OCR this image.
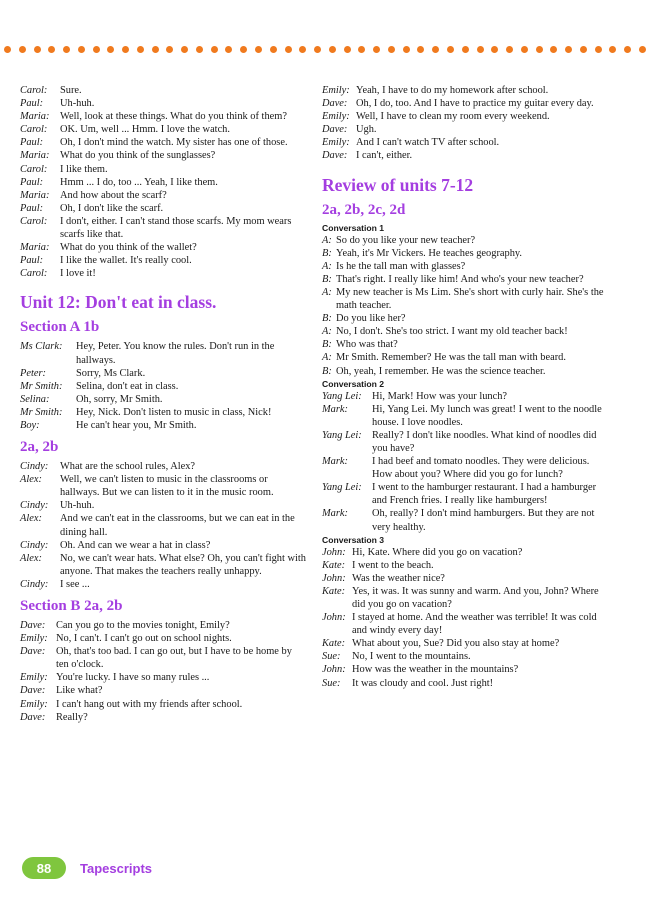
Carol:	Sure.
Paul:	Uh-huh.
Maria:	Well, look at these things. What do you think of them?
Carol:	OK. Um, well ... Hmm. I love the watch.
Paul:	Oh, I don't mind the watch. My sister has one of those.
Maria:	What do you think of the sunglasses?
Carol:	I like them.
Paul:	Hmm ... I do, too ... Yeah, I like them.
Maria:	And how about the scarf?
Paul:	Oh, I don't like the scarf.
Carol:	I don't, either. I can't stand those scarfs. My mom wears scarfs like that.
Maria:	What do you think of the wallet?
Paul:	I like the wallet. It's really cool.
Carol:	I love it!
Unit 12: Don't eat in class.
Section A 1b
Ms Clark:	Hey, Peter. You know the rules. Don't run in the hallways.
Peter:	Sorry, Ms Clark.
Mr Smith:	Selina, don't eat in class.
Selina:	Oh, sorry, Mr Smith.
Mr Smith:	Hey, Nick. Don't listen to music in class, Nick!
Boy:	He can't hear you, Mr Smith.
2a, 2b
Cindy:	What are the school rules, Alex?
Alex:	Well, we can't listen to music in the classrooms or hallways. But we can listen to it in the music room.
Cindy:	Uh-huh.
Alex:	And we can't eat in the classrooms, but we can eat in the dining hall.
Cindy:	Oh. And can we wear a hat in class?
Alex:	No, we can't wear hats. What else? Oh, you can't fight with anyone. That makes the teachers really unhappy.
Cindy:	I see ...
Section B 2a, 2b
Dave:	Can you go to the movies tonight, Emily?
Emily: No, I can't. I can't go out on school nights.
Dave:	Oh, that's too bad. I can go out, but I have to be home by ten o'clock.
Emily: You're lucky. I have so many rules ...
Dave:	Like what?
Emily: I can't hang out with my friends after school.
Dave:	Really?
Emily: Yeah, I have to do my homework after school.
Dave: Oh, I do, too. And I have to practice my guitar every day.
Emily: Well, I have to clean my room every weekend.
Dave: Ugh.
Emily: And I can't watch TV after school.
Dave: I can't, either.
Review of units 7-12
2a, 2b, 2c, 2d
Conversation 1
A: So do you like your new teacher?
B: Yeah, it's Mr Vickers. He teaches geography.
A: Is he the tall man with glasses?
B: That's right. I really like him! And who's your new teacher?
A: My new teacher is Ms Lim. She's short with curly hair. She's the math teacher.
B: Do you like her?
A: No, I don't. She's too strict. I want my old teacher back!
B: Who was that?
A: Mr Smith. Remember? He was the tall man with beard.
B: Oh, yeah, I remember. He was the science teacher.
Conversation 2
Yang Lei: Hi, Mark! How was your lunch?
Mark:	Hi, Yang Lei. My lunch was great! I went to the noodle house. I love noodles.
Yang Lei: Really? I don't like noodles. What kind of noodles did you have?
Mark:	I had beef and tomato noodles. They were delicious. How about you? Where did you go for lunch?
Yang Lei: I went to the hamburger restaurant. I had a hamburger and French fries. I really like hamburgers!
Mark:	Oh, really? I don't mind hamburgers. But they are not very healthy.
Conversation 3
John: Hi, Kate. Where did you go on vacation?
Kate: I went to the beach.
John: Was the weather nice?
Kate: Yes, it was. It was sunny and warm. And you, John? Where did you go on vacation?
John: I stayed at home. And the weather was terrible! It was cold and windy every day!
Kate: What about you, Sue? Did you also stay at home?
Sue:	No, I went to the mountains.
John: How was the weather in the mountains?
Sue:	It was cloudy and cool. Just right!
88	Tapescripts
